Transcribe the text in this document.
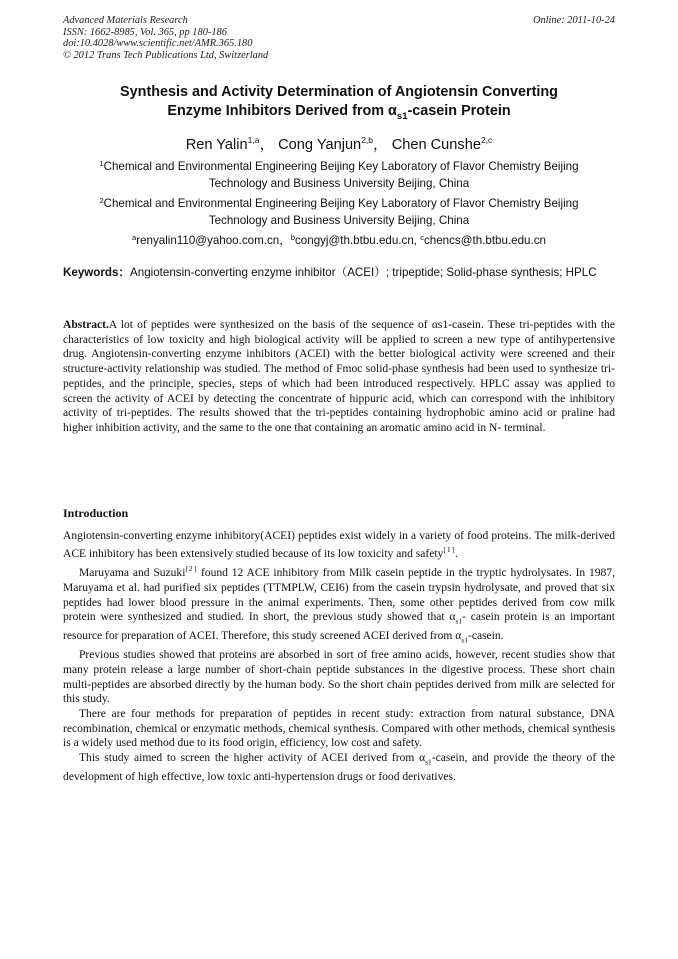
Advanced Materials Research
ISSN: 1662-8985, Vol. 365, pp 180-186
doi:10.4028/www.scientific.net/AMR.365.180
© 2012 Trans Tech Publications Ltd, Switzerland
Online: 2011-10-24
Synthesis and Activity Determination of Angiotensin Converting
Enzyme Inhibitors Derived from $\alpha_{s1}$-casein Protein
Ren Yalin$^{1,a}$， Cong Yanjun$^{2,b}$， Chen Cunshe$^{2,c}$
$^1$Chemical and Environmental Engineering Beijing Key Laboratory of Flavor Chemistry Beijing Technology and Business University Beijing, China
$^2$Chemical and Environmental Engineering Beijing Key Laboratory of Flavor Chemistry Beijing Technology and Business University Beijing, China
$^a$renyalin110@yahoo.com.cn，$^b$congyj@th.btbu.edu.cn, $^c$chencs@th.btbu.edu.cn
Keywords：Angiotensin-converting enzyme inhibitor（ACEI）; tripeptide; Solid-phase synthesis; HPLC
Abstract.A lot of peptides were synthesized on the basis of the sequence of αs1-casein. These tri-peptides with the characteristics of low toxicity and high biological activity will be applied to screen a new type of antihypertensive drug. Angiotensin-converting enzyme inhibitors (ACEI) with the better biological activity were screened and their structure-activity relationship was studied. The method of Fmoc solid-phase synthesis had been used to synthesize tri-peptides, and the principle, species, steps of which had been introduced respectively. HPLC assay was applied to screen the activity of ACEI by detecting the concentrate of hippuric acid, which can correspond with the inhibitory activity of tri-peptides. The results showed that the tri-peptides containing hydrophobic amino acid or praline had higher inhibition activity, and the same to the one that containing an aromatic amino acid in N- terminal.
Introduction

Angiotensin-converting enzyme inhibitory(ACEI) peptides exist widely in a variety of food proteins. The milk-derived ACE inhibitory has been extensively studied because of its low toxicity and safety[1].

Maruyama and Suzuki[2] found 12 ACE inhibitory from Milk casein peptide in the tryptic hydrolysates. In 1987, Maruyama et al. had purified six peptides (TTMPLW, CEI6) from the casein trypsin hydrolysate, and proved that six peptides had lower blood pressure in the animal experiments. Then, some other peptides derived from cow milk protein were synthesized and studied. In short, the previous study showed that $\alpha_{s1}-$ casein protein is an important resource for preparation of ACEI. Therefore, this study screened ACEI derived from $\alpha_{s1}$-casein.

Previous studies showed that proteins are absorbed in sort of free amino acids, however, recent studies show that many protein release a large number of short-chain peptide substances in the digestive process. These short chain multi-peptides are absorbed directly by the human body. So the short chain peptides derived from milk are selected for this study.

There are four methods for preparation of peptides in recent study: extraction from natural substance, DNA recombination, chemical or enzymatic methods, chemical synthesis. Compared with other methods, chemical synthesis is a widely used method due to its food origin, efficiency, low cost and safety.

This study aimed to screen the higher activity of ACEI derived from $\alpha_{s1}$-casein, and provide the theory of the development of high effective, low toxic anti-hypertension drugs or food derivatives.
